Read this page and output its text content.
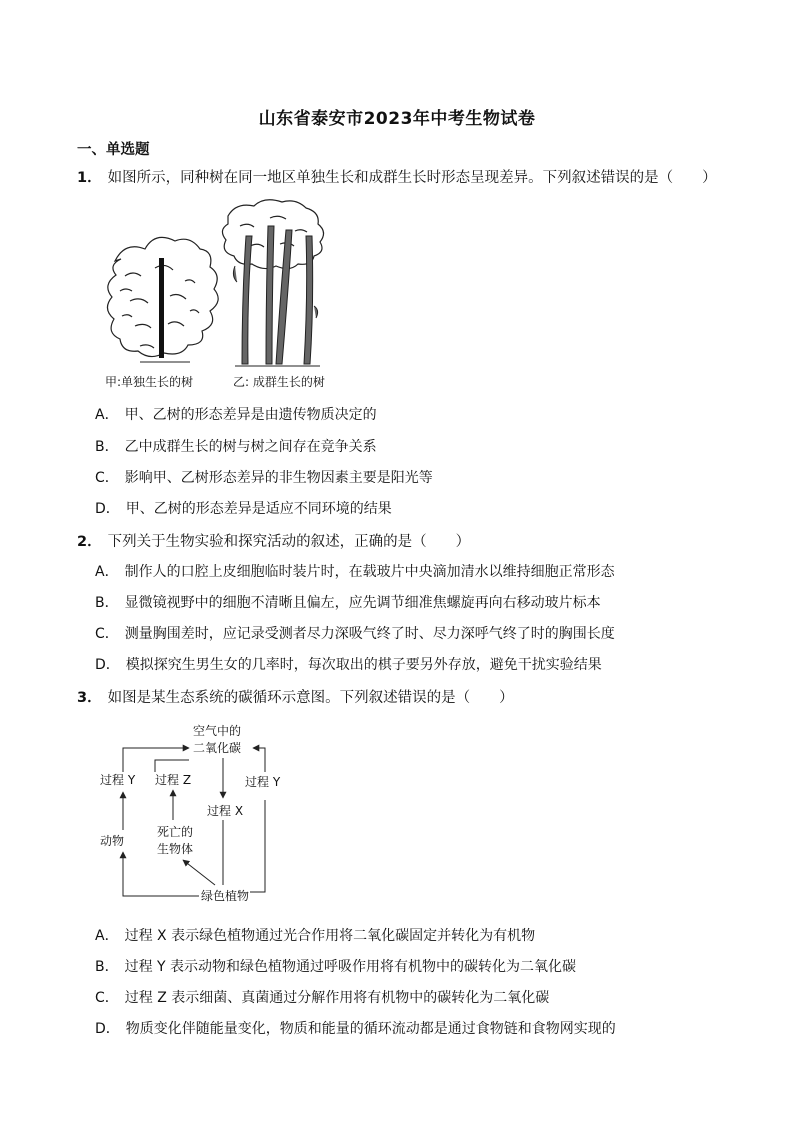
山东省泰安市2023年中考生物试卷
一、单选题
1． 如图所示，同种树在同一地区单独生长和成群生长时形态呈现差异。下列叙述错误的是（　　）
甲:单独生长的树	乙: 成群生长的树
A． 甲、乙树的形态差异是由遗传物质决定的
B． 乙中成群生长的树与树之间存在竞争关系
C． 影响甲、乙树形态差异的非生物因素主要是阳光等
D． 甲、乙树的形态差异是适应不同环境的结果
2． 下列关于生物实验和探究活动的叙述，正确的是（　　）
A． 制作人的口腔上皮细胞临时装片时，在载玻片中央滴加清水以维持细胞正常形态
B． 显微镜视野中的细胞不清晰且偏左，应先调节细准焦螺旋再向右移动玻片标本
C． 测量胸围差时，应记录受测者尽力深吸气终了时、尽力深呼气终了时的胸围长度
D． 模拟探究生男生女的几率时，每次取出的棋子要另外存放，避免干扰实验结果
3． 如图是某生态系统的碳循环示意图。下列叙述错误的是（　　）
空气中的
二氧化碳
过程 Y 过程 Z	过程 Y
过程 X
动物
死亡的
生物体
绿色植物
A． 过程 X 表示绿色植物通过光合作用将二氧化碳固定并转化为有机物
B． 过程 Y 表示动物和绿色植物通过呼吸作用将有机物中的碳转化为二氧化碳
C． 过程 Z 表示细菌、真菌通过分解作用将有机物中的碳转化为二氧化碳
D． 物质变化伴随能量变化，物质和能量的循环流动都是通过食物链和食物网实现的
